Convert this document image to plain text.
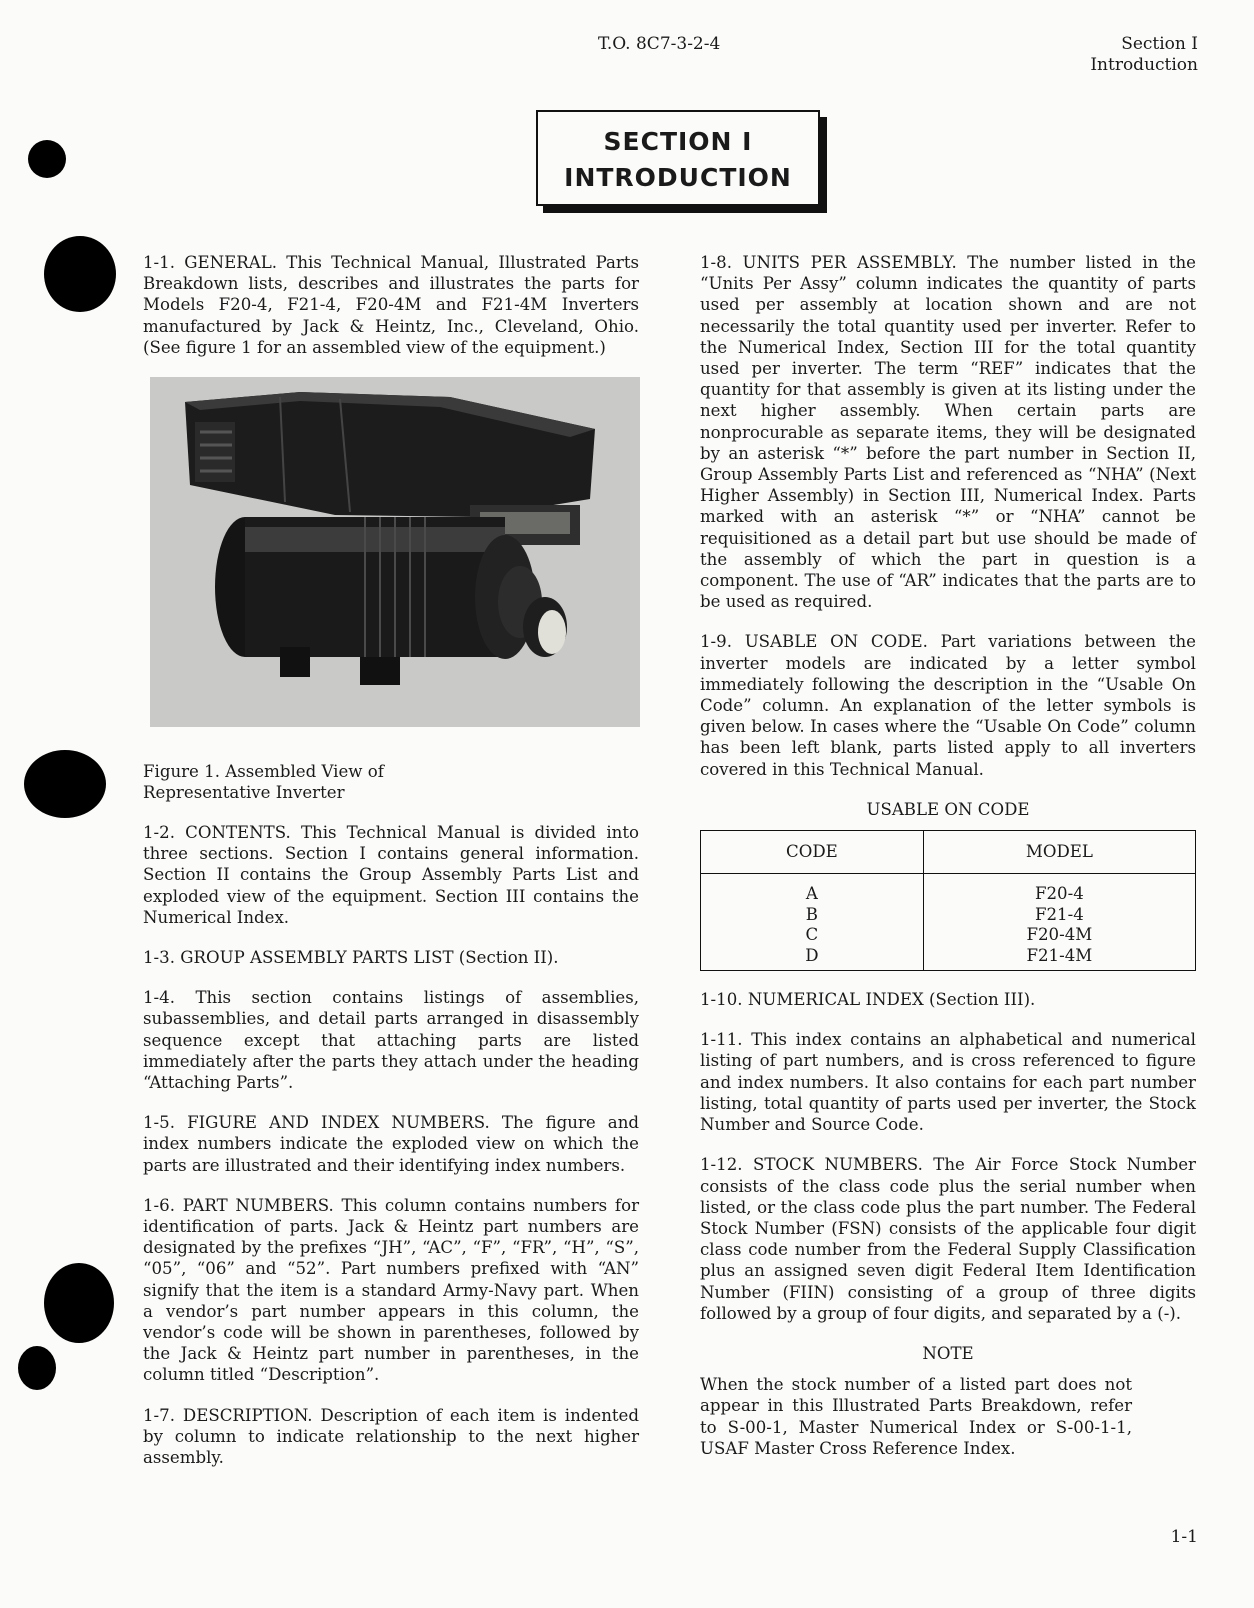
T.O. 8C7-3-2-4	Section I
Introduction
SECTION I
INTRODUCTION

1-1. GENERAL. This Technical Manual, Illustrated Parts Breakdown lists, describes and illustrates the parts for Models F20-4, F21-4, F20-4M and F21-4M Inverters manufactured by Jack & Heintz, Inc., Cleveland, Ohio. (See figure 1 for an assembled view of the equipment.)

Figure 1. Assembled View of
Representative Inverter

1-2. CONTENTS. This Technical Manual is divided into three sections. Section I contains general information. Section II contains the Group Assembly Parts List and exploded view of the equipment. Section III contains the Numerical Index.

1-3. GROUP ASSEMBLY PARTS LIST (Section II).

1-4. This section contains listings of assemblies, subassemblies, and detail parts arranged in disassembly sequence except that attaching parts are listed immediately after the parts they attach under the heading “Attaching Parts”.

1-5. FIGURE AND INDEX NUMBERS. The figure and index numbers indicate the exploded view on which the parts are illustrated and their identifying index numbers.

1-6. PART NUMBERS. This column contains numbers for identification of parts. Jack & Heintz part numbers are designated by the prefixes “JH”, “AC”, “F”, “FR”, “H”, “S”, “05”, “06” and “52”. Part numbers prefixed with “AN” signify that the item is a standard Army-Navy part. When a vendor’s part number appears in this column, the vendor’s code will be shown in parentheses, followed by the Jack & Heintz part number in parentheses, in the column titled “Description”.

1-7. DESCRIPTION. Description of each item is indented by column to indicate relationship to the next higher assembly.

1-8. UNITS PER ASSEMBLY. The number listed in the “Units Per Assy” column indicates the quantity of parts used per assembly at location shown and are not necessarily the total quantity used per inverter. Refer to the Numerical Index, Section III for the total quantity used per inverter. The term “REF” indicates that the quantity for that assembly is given at its listing under the next higher assembly. When certain parts are nonprocurable as separate items, they will be designated by an asterisk “*” before the part number in Section II, Group Assembly Parts List and referenced as “NHA” (Next Higher Assembly) in Section III, Numerical Index. Parts marked with an asterisk “*” or “NHA” cannot be requisitioned as a detail part but use should be made of the assembly of which the part in question is a component. The use of “AR” indicates that the parts are to be used as required.

1-9. USABLE ON CODE. Part variations between the inverter models are indicated by a letter symbol immediately following the description in the “Usable On Code” column. An explanation of the letter symbols is given below. In cases where the “Usable On Code” column has been left blank, parts listed apply to all inverters covered in this Technical Manual.

USABLE ON CODE
CODE	MODEL
A	F20-4
B	F21-4
C	F20-4M
D	F21-4M

1-10. NUMERICAL INDEX (Section III).

1-11. This index contains an alphabetical and numerical listing of part numbers, and is cross referenced to figure and index numbers. It also contains for each part number listing, total quantity of parts used per inverter, the Stock Number and Source Code.

1-12. STOCK NUMBERS. The Air Force Stock Number consists of the class code plus the serial number when listed, or the class code plus the part number. The Federal Stock Number (FSN) consists of the applicable four digit class code number from the Federal Supply Classification plus an assigned seven digit Federal Item Identification Number (FIIN) consisting of a group of three digits followed by a group of four digits, and separated by a (-).

NOTE

When the stock number of a listed part does not appear in this Illustrated Parts Breakdown, refer to S-00-1, Master Numerical Index or S-00-1-1, USAF Master Cross Reference Index.

1-1
